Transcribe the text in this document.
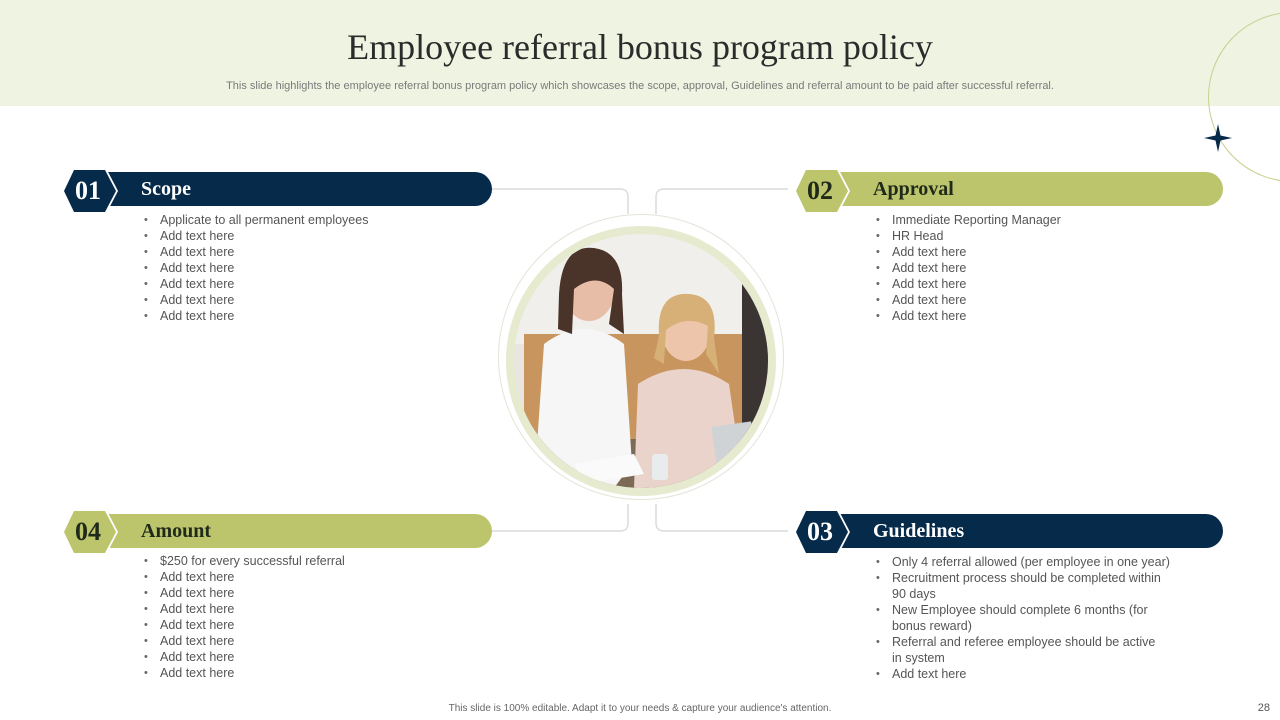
Employee referral bonus program policy
This slide highlights the employee referral bonus program policy which showcases the scope, approval, Guidelines and referral amount to be paid after successful referral.
Scope
01
• Applicate to all permanent employees
• Add text here
• Add text here
• Add text here
• Add text here
• Add text here
• Add text here
Approval
02
• Immediate Reporting Manager
• HR Head
• Add text here
• Add text here
• Add text here
• Add text here
• Add text here
Amount
04
• $250 for every successful referral
• Add text here
• Add text here
• Add text here
• Add text here
• Add text here
• Add text here
• Add text here
Guidelines
03
• Only 4 referral allowed (per employee in one year)
• Recruitment process should be completed within 90 days
• New Employee should complete 6 months (for bonus reward)
• Referral and referee employee should be active in system
• Add text here
This slide is 100% editable. Adapt it to your needs & capture your audience's attention.	28
